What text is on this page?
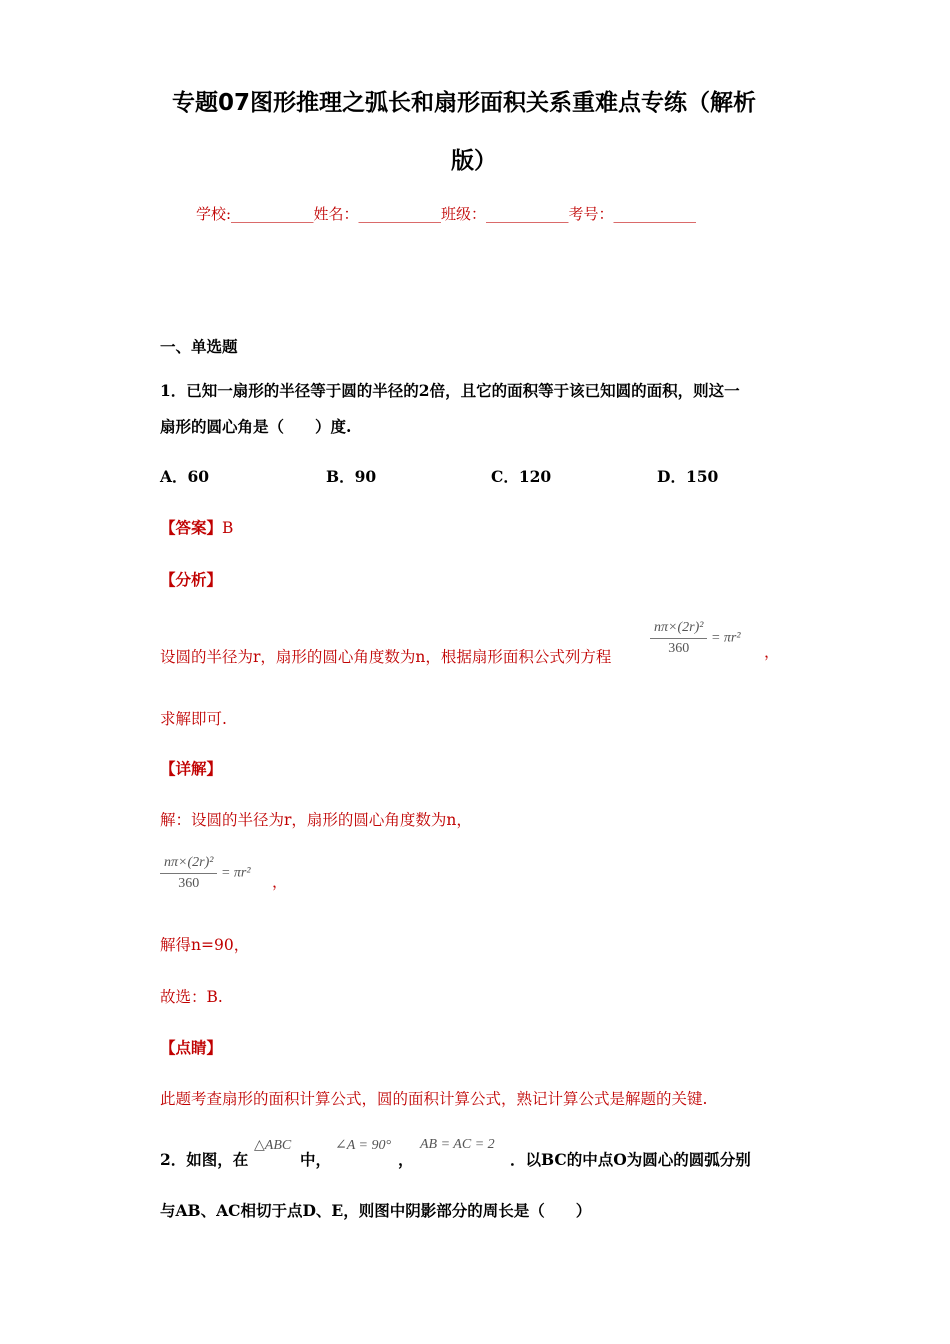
专题07图形推理之弧长和扇形面积关系重难点专练（解析
版）
学校:___________姓名：___________班级：___________考号：___________
一、单选题
1．已知一扇形的半径等于圆的半径的2倍，且它的面积等于该已知圆的面积，则这一
扇形的圆心角是（　　）度.
A．60	B．90	C．120	D．150
【答案】B
【分析】
设圆的半径为r，扇形的圆心角度数为n，根据扇形面积公式列方程	$\frac{\text{nπ×(2r)²}}{360} = \pi r^2$
，
求解即可.
【详解】
解：设圆的半径为r，扇形的圆心角度数为n，
$\frac{\text{nπ×(2r)²}}{360} = \pi r^2$ ，
解得n=90，
故选：B.
【点睛】
此题考查扇形的面积计算公式，圆的面积计算公式，熟记计算公式是解题的关键.
2．如图，在
△ABC
中，
∠A = 90°
，
AB = AC = 2
．以BC的中点O为圆心的圆弧分别
与AB、AC相切于点D、E，则图中阴影部分的周长是（　　）
